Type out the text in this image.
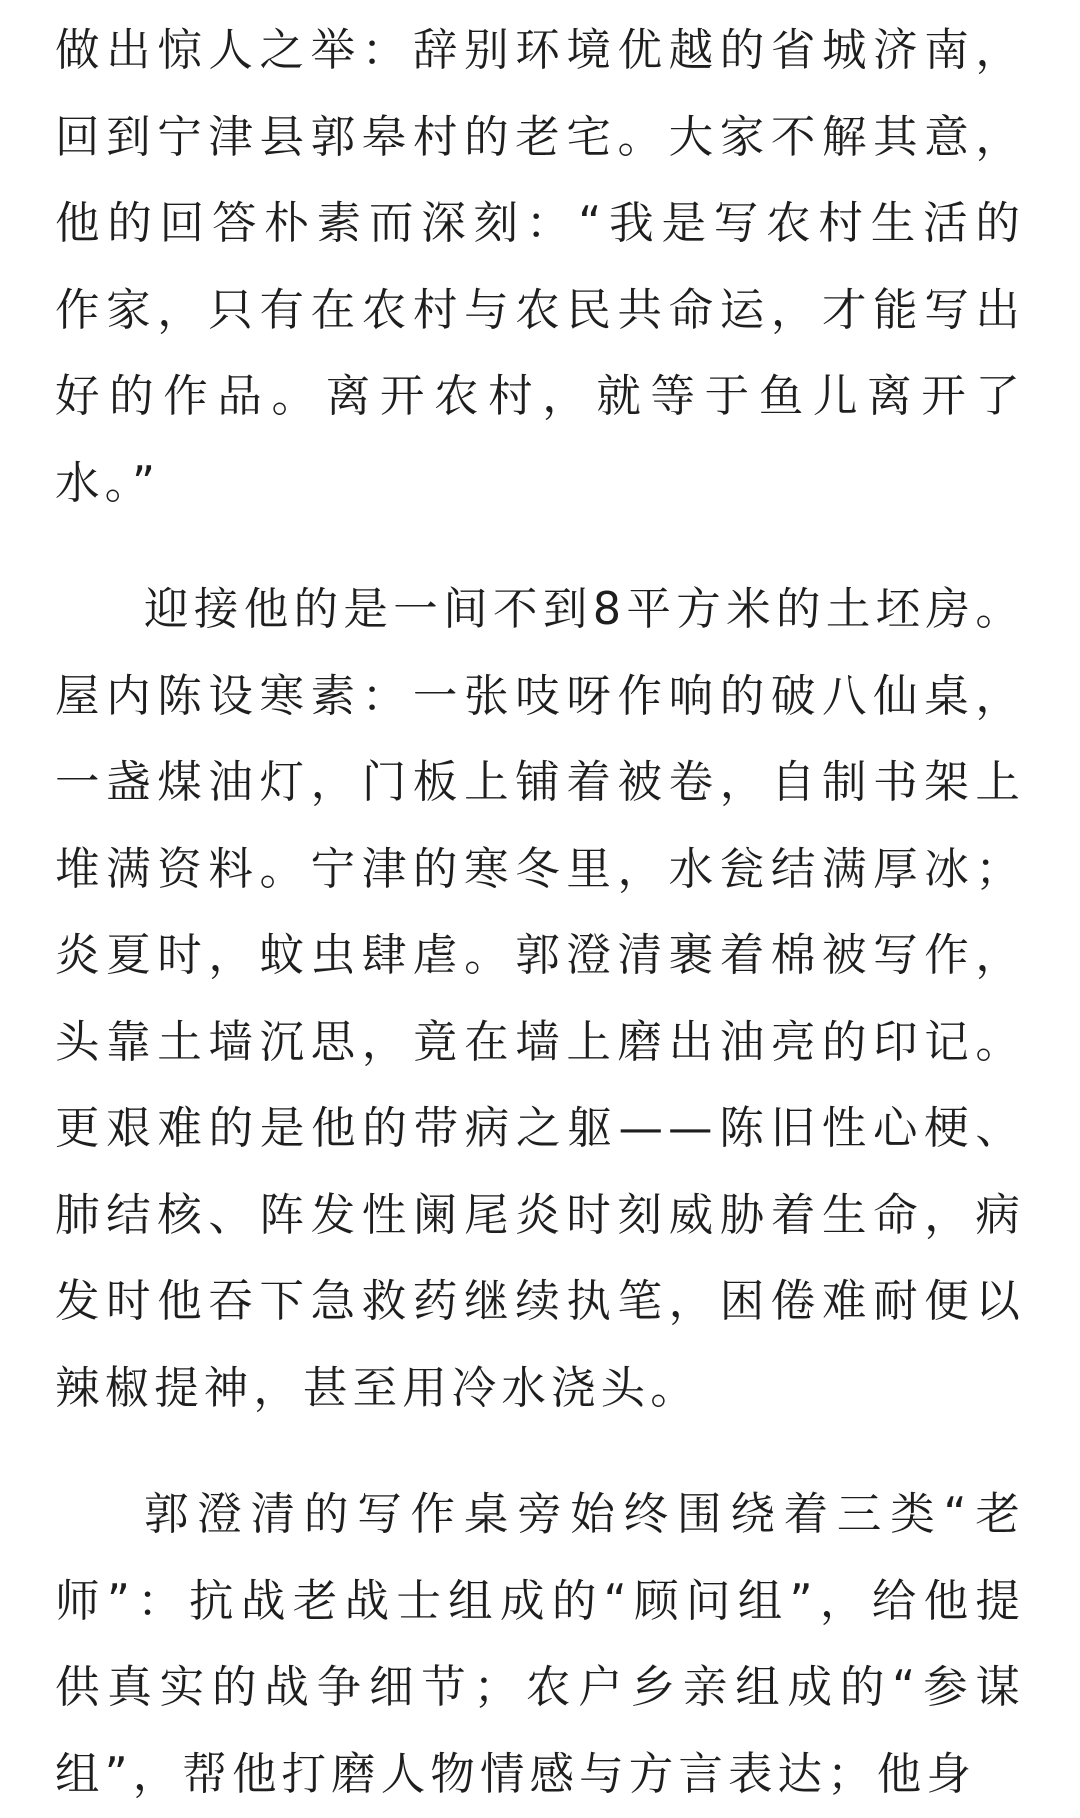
做出惊人之举：辞别环境优越的省城济南，回到宁津县郭皋村的老宅。大家不解其意，他的回答朴素而深刻：“我是写农村生活的作家，只有在农村与农民共命运，才能写出好的作品。离开农村，就等于鱼儿离开了水。”

迎接他的是一间不到8平方米的土坯房。屋内陈设寒素：一张吱呀作响的破八仙桌，一盏煤油灯，门板上铺着被卷，自制书架上堆满资料。宁津的寒冬里，水瓮结满厚冰；炎夏时，蚊虫肆虐。郭澄清裹着棉被写作，头靠土墙沉思，竟在墙上磨出油亮的印记。更艰难的是他的带病之躯——陈旧性心梗、肺结核、阵发性阑尾炎时刻威胁着生命，病发时他吞下急救药继续执笔，困倦难耐便以辣椒提神，甚至用冷水浇头。

郭澄清的写作桌旁始终围绕着三类“老师”：抗战老战士组成的“顾问组”，给他提供真实的战争细节；农户乡亲组成的“参谋组”，帮他打磨人物情感与方言表达；他身
